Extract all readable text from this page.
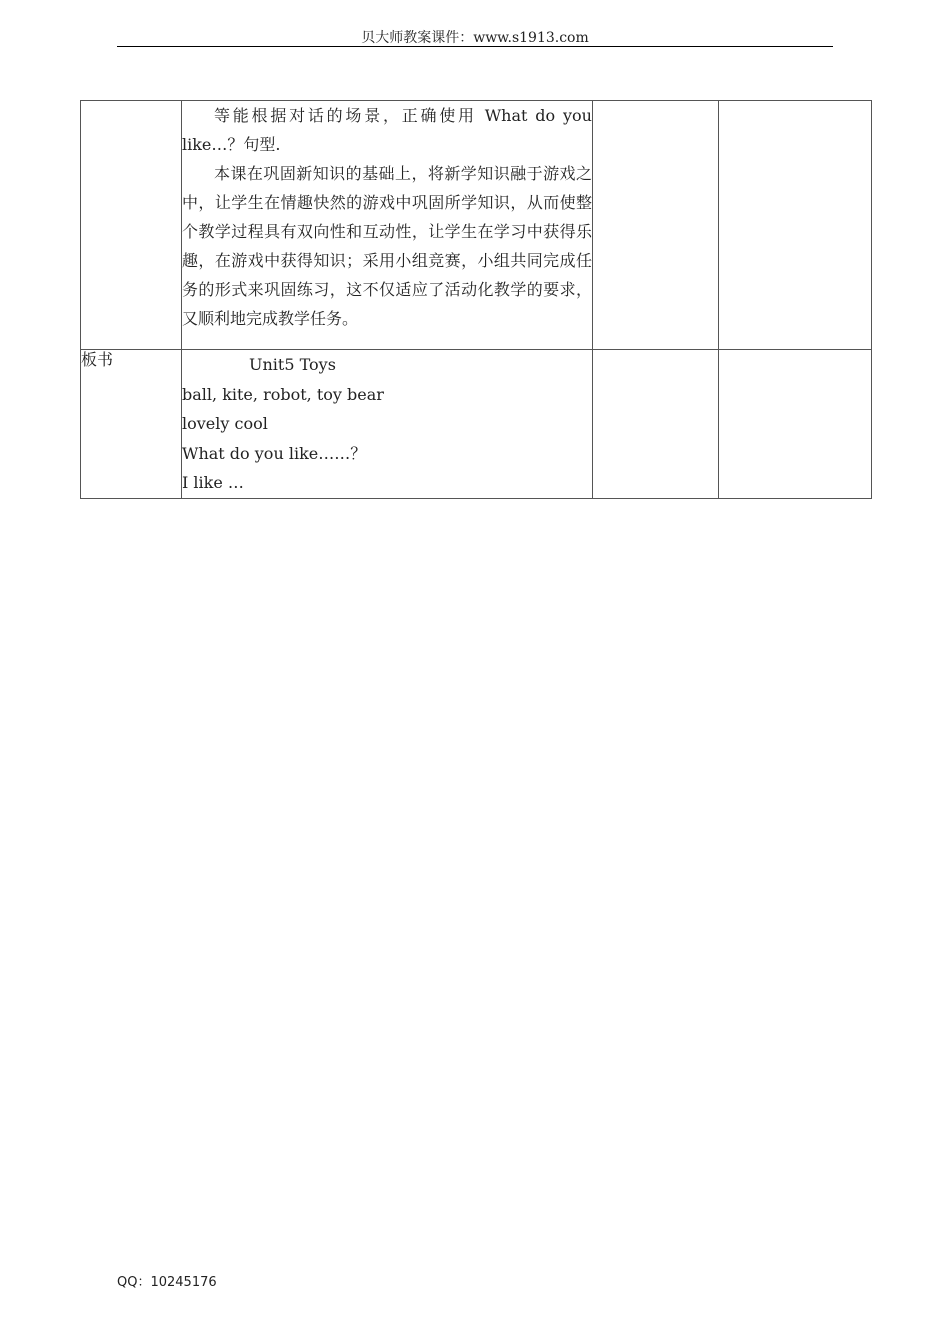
贝大师教案课件：www.s1913.com

	等能根据对话的场景，正确使用 What do you like…？句型.

本课在巩固新知识的基础上，将新学知识融于游戏之中，让学生在情趣快然的游戏中巩固所学知识，从而使整个教学过程具有双向性和互动性，让学生在学习中获得乐趣，在游戏中获得知识；采用小组竞赛，小组共同完成任务的形式来巩固练习，这不仅适应了活动化教学的要求，又顺利地完成教学任务。		

板书	Unit5 Toys
ball, kite, robot, toy bear
lovely cool
What do you like……？
I like …		

QQ：10245176
